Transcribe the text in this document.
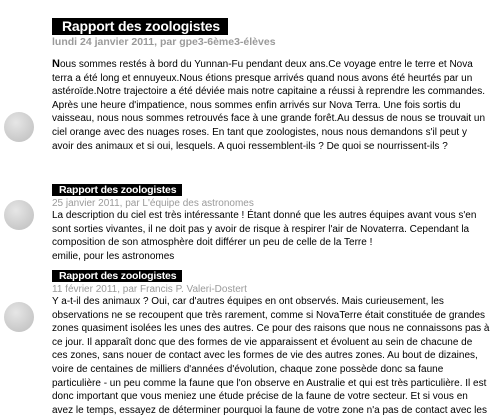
Rapport des zoologistes
lundi 24 janvier 2011, par gpe3-6ème3-élèves

Nous sommes restés à bord du Yunnan-Fu pendant deux ans.Ce voyage entre le terre et Nova terra a été long et ennuyeux.Nous étions presque arrivés quand nous avons été heurtés par un astéroïde.Notre trajectoire a été déviée mais notre capitaine a réussi à reprendre les commandes. Après une heure d'impatience, nous sommes enfin arrivés sur Nova Terra. Une fois sortis du vaisseau, nous nous sommes retrouvés face à une grande forêt.Au dessus de nous se trouvait un ciel orange avec des nuages roses. En tant que zoologistes, nous nous demandons s'il peut y avoir des animaux et si oui, lesquels. A quoi ressemblent-ils ? De quoi se nourrissent-ils ?

Rapport des zoologistes
25 janvier 2011, par L'équipe des astronomes

La description du ciel est très intéressante ! Étant donné que les autres équipes avant vous s'en sont sorties vivantes, il ne doit pas y avoir de risque à respirer l'air de Novaterra. Cependant la composition de son atmosphère doit différer un peu de celle de la Terre !

emilie, pour les astronomes

Rapport des zoologistes
11 février 2011, par Francis P. Valeri-Dostert

Y a-t-il des animaux ? Oui, car d'autres équipes en ont observés. Mais curieusement, les observations ne se recoupent que très rarement, comme si NovaTerre était constituée de grandes zones quasiment isolées les unes des autres. Ce pour des raisons que nous ne connaissons pas à ce jour. Il apparaît donc que des formes de vie apparaissent et évoluent au sein de chacune de ces zones, sans nouer de contact avec les formes de vie des autres zones. Au bout de dizaines, voire de centaines de milliers d'années d'évolution, chaque zone possède donc sa faune particulière - un peu comme la faune que l'on observe en Australie et qui est très particulière. Il est donc important que vous meniez une étude précise de la faune de votre secteur. Et si vous en avez le temps, essayez de déterminer pourquoi la faune de votre zone n'a pas de contact avec les
